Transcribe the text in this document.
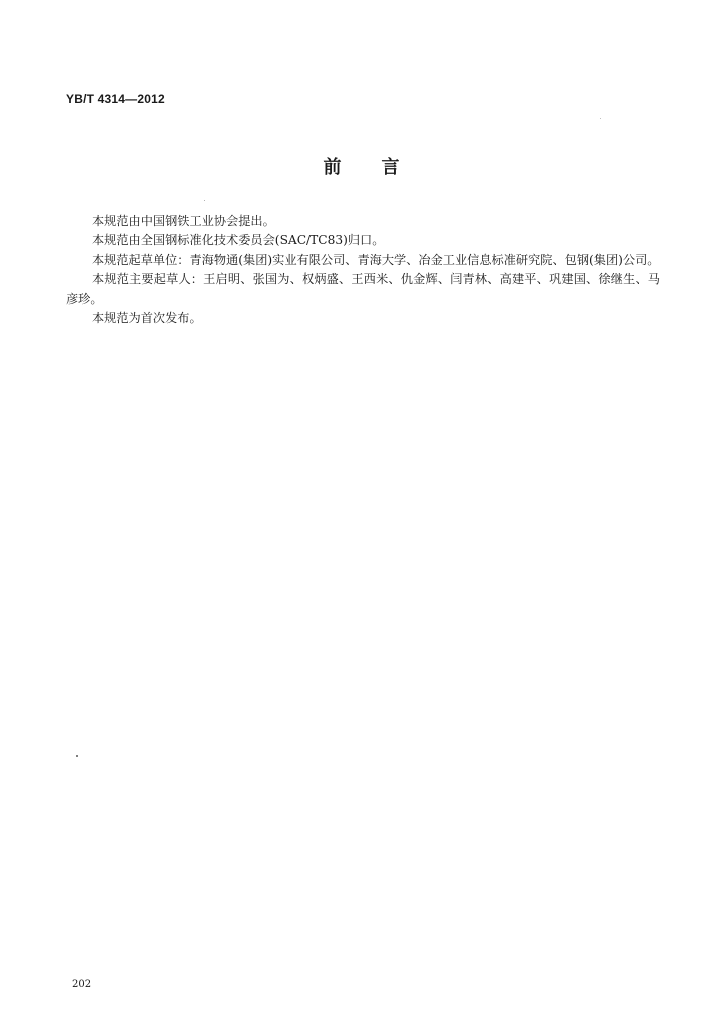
YB/T 4314—2012
前 言

本规范由中国钢铁工业协会提出。

本规范由全国钢标准化技术委员会(SAC/TC83)归口。

本规范起草单位：青海物通(集团)实业有限公司、青海大学、冶金工业信息标准研究院、包钢(集团)公司。

本规范主要起草人：王启明、张国为、权炳盛、王西米、仇金辉、闫青林、高建平、巩建国、徐继生、马彦珍。

本规范为首次发布。

202
